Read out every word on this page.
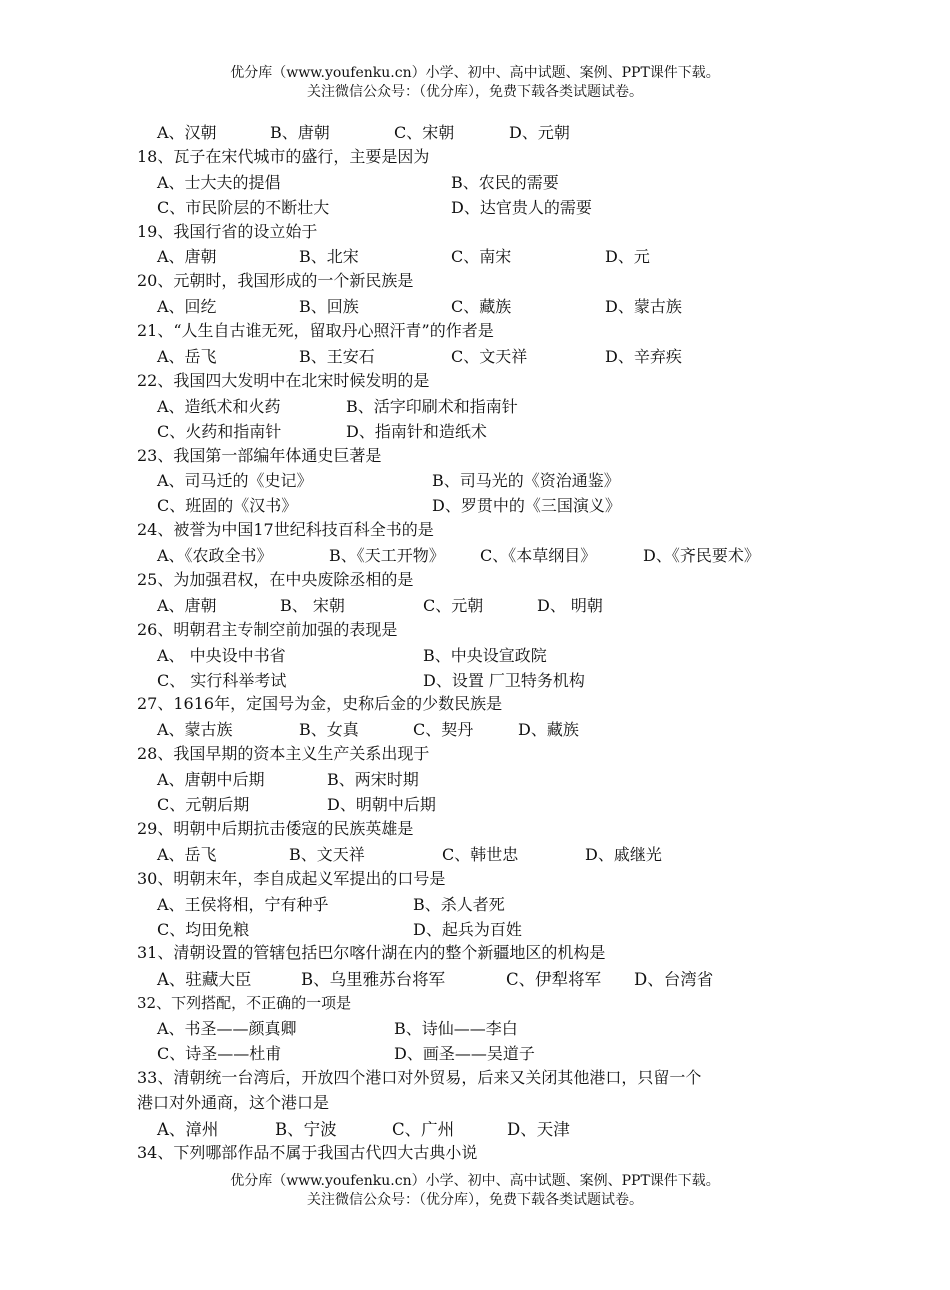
优分库（www.youfenku.cn）小学、初中、高中试题、案例、PPT课件下载。
关注微信公众号：（优分库），免费下载各类试题试卷。
A、汉朝	B、唐朝	C、宋朝	D、元朝
18、瓦子在宋代城市的盛行，主要是因为
A、士大夫的提倡	B、农民的需要
C、市民阶层的不断壮大	D、达官贵人的需要
19、我国行省的设立始于
A、唐朝	B、北宋	C、南宋	D、元
20、元朝时，我国形成的一个新民族是
A、回纥	B、回族	C、藏族	D、蒙古族
21、“人生自古谁无死，留取丹心照汗青”的作者是
A、岳飞	B、王安石	C、文天祥	D、辛弃疾
22、我国四大发明中在北宋时候发明的是
A、造纸术和火药	B、活字印刷术和指南针
C、火药和指南针	D、指南针和造纸术
23、我国第一部编年体通史巨著是
A、司马迁的《史记》	B、司马光的《资治通鉴》
C、班固的《汉书》	D、罗贯中的《三国演义》
24、被誉为中国17世纪科技百科全书的是
A、《农政全书》	B、《天工开物》 C、《本草纲目》	D、《齐民要术》
25、为加强君权，在中央废除丞相的是
A、唐朝	B、 宋朝	C、元朝	D、 明朝
26、明朝君主专制空前加强的表现是
A、 中央设中书省	B、中央设宣政院
C、 实行科举考试	D、设置 厂卫特务机构
27、1616年，定国号为金，史称后金的少数民族是
A、蒙古族	B、女真	C、契丹	D、藏族
28、我国早期的资本主义生产关系出现于
A、唐朝中后期	B、两宋时期
C、元朝后期	D、明朝中后期
29、明朝中后期抗击倭寇的民族英雄是
A、岳飞	B、文天祥	C、韩世忠	D、戚继光
30、明朝末年，李自成起义军提出的口号是
A、王侯将相，宁有种乎	B、杀人者死
C、均田免粮	D、起兵为百姓
31、清朝设置的管辖包括巴尔喀什湖在内的整个新疆地区的机构是
A、驻藏大臣	B、乌里雅苏台将军	C、伊犁将军 D、台湾省
32、下列搭配，不正确的一项是
A、书圣——颜真卿	B、诗仙——李白
C、诗圣——杜甫	D、画圣——吴道子
33、清朝统一台湾后，开放四个港口对外贸易，后来又关闭其他港口，只留一个
港口对外通商，这个港口是
A、漳州	B、宁波	C、广州	D、天津
34、下列哪部作品不属于我国古代四大古典小说
优分库（www.youfenku.cn）小学、初中、高中试题、案例、PPT课件下载。
关注微信公众号：（优分库），免费下载各类试题试卷。
